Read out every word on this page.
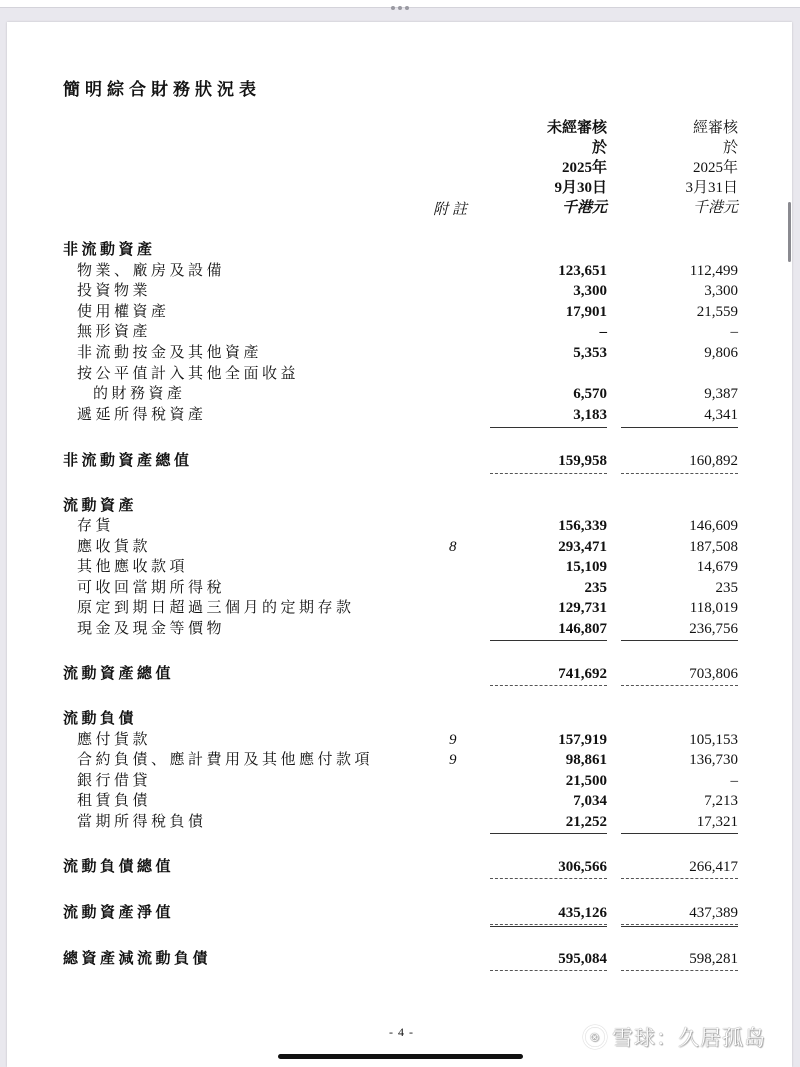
簡明綜合財務狀況表
附註
未經審核
於
2025年
9月30日
千港元
經審核
於
2025年
3月31日
千港元
非流動資產
物業、廠房及設備	123,651	112,499
投資物業	3,300	3,300
使用權資產	17,901	21,559
無形資產	–	–
非流動按金及其他資產	5,353	9,806
按公平值計入其他全面收益
的財務資產	6,570	9,387
遞延所得稅資產	3,183	4,341
非流動資產總值	159,958	160,892
流動資產
存貨	156,339	146,609
應收貨款	8	293,471	187,508
其他應收款項	15,109	14,679
可收回當期所得稅	235	235
原定到期日超過三個月的定期存款	129,731	118,019
現金及現金等價物	146,807	236,756
流動資產總值	741,692	703,806
流動負債
應付貨款	9	157,919	105,153
合約負債、應計費用及其他應付款項	9	98,861	136,730
銀行借貸	21,500	–
租賃負債	7,034	7,213
當期所得稅負債	21,252	17,321
流動負債總值	306,566	266,417
流動資產淨值	435,126	437,389
總資產減流動負債	595,084	598,281
- 4 -	⊗ 雪球：久居孤岛
